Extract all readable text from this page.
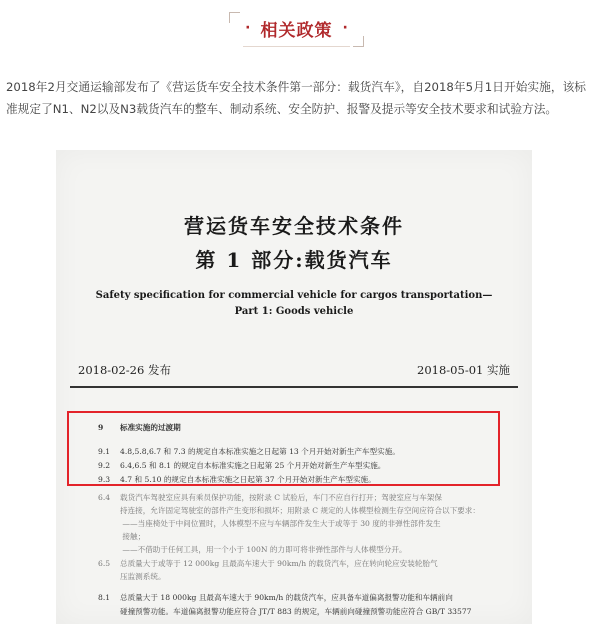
· 相关政策 ·
2018年2月交通运输部发布了《营运货车安全技术条件第一部分：载货汽车》，自2018年5月1日开始实施，该标准规定了N1、N2以及N3载货汽车的整车、制动系统、安全防护、报警及提示等安全技术要求和试验方法。
营运货车安全技术条件
第 1 部分:载货汽车
Safety specification for commercial vehicle for cargos transportation—
Part 1: Goods vehicle
2018-02-26 发布	2018-05-01 实施
9 标准实施的过渡期
9.1 4.8,5.8,6.7 和 7.3 的规定自本标准实施之日起第 13 个月开始对新生产车型实施。
9.2 6.4,6.5 和 8.1 的规定自本标准实施之日起第 25 个月开始对新生产车型实施。
9.3 4.7 和 5.10 的规定自本标准实施之日起第 37 个月开始对新生产车型实施。
6.4 载货汽车驾驶室应具有乘员保护功能，按附录 C 试验后，车门不应自行打开；驾驶室应与车架保
持连接，允许固定驾驶室的部件产生变形和损坏；用附录 C 规定的人体模型检测生存空间应符合以下要求：
——当座椅处于中间位置时，人体模型不应与车辆部件发生大于或等于 30 度的非弹性部件发生
接触；
——不借助于任何工具，用一个小于 100N 的力即可将非弹性部件与人体模型分开。
6.5 总质量大于或等于 12 000kg 且最高车速大于 90km/h 的载货汽车，应在转向轮应安装轮胎气
压监测系统。
8.1 总质量大于 18 000kg 且最高车速大于 90km/h 的载货汽车，应具备车道偏离报警功能和车辆前向
碰撞预警功能。车道偏离报警功能应符合 JT/T 883 的规定，车辆前向碰撞预警功能应符合 GB/T 33577
